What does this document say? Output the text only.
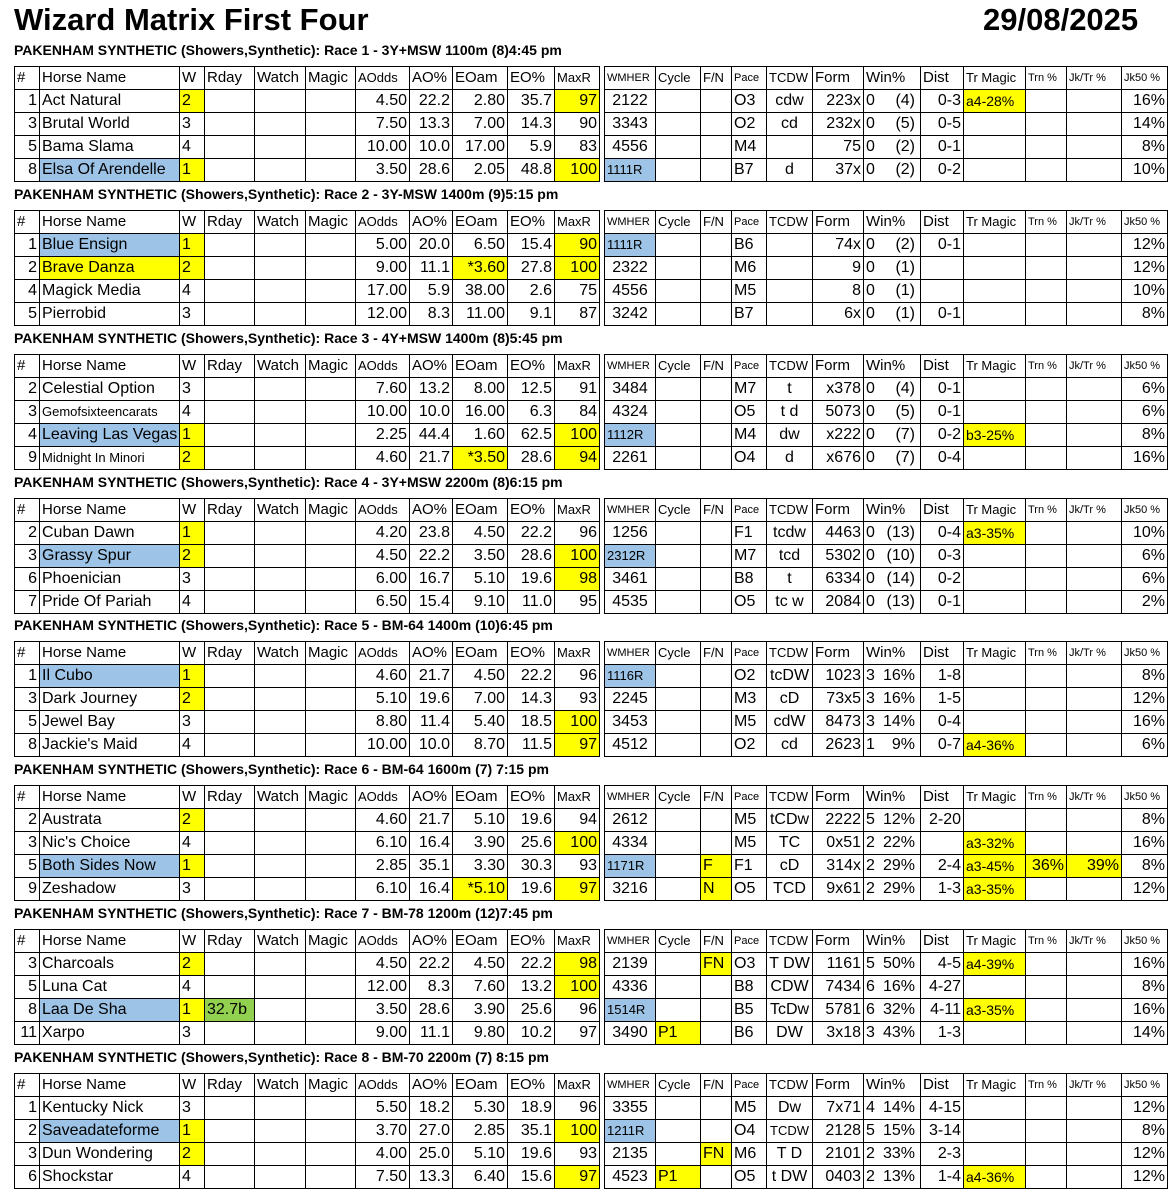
Wizard Matrix First Four	29/08/2025
PAKENHAM SYNTHETIC (Showers,Synthetic): Race 1 - 3Y+MSW 1100m (8)4:45 pm
#	Horse Name	W	Rday	Watch	Magic	AOdds	AO%	EOam	EO%	MaxR
1	Act Natural	2				4.50	22.2	2.80	35.7	97
3	Brutal World	3				7.50	13.3	7.00	14.3	90
5	Bama Slama	4				10.00	10.0	17.00	5.9	83
8	Elsa Of Arendelle	1				3.50	28.6	2.05	48.8	100
WMHER	Cycle	F/N	Pace	TCDW	Form	Win%	Dist	Tr Magic	Trn %	Jk/Tr %	Jk50 %
2122			O3	cdw	223x	0 (4)	0-3	a4-28%			16%
3343			O2	cd	232x	0 (5)	0-5				14%
4556			M4		75	0 (2)	0-1				8%
1111R			B7	d	37x	0 (2)	0-2				10%
PAKENHAM SYNTHETIC (Showers,Synthetic): Race 2 - 3Y-MSW 1400m (9)5:15 pm
#	Horse Name	W	Rday	Watch	Magic	AOdds	AO%	EOam	EO%	MaxR
1	Blue Ensign	1				5.00	20.0	6.50	15.4	90
2	Brave Danza	2				9.00	11.1	*3.60	27.8	100
4	Magick Media	4				17.00	5.9	38.00	2.6	75
5	Pierrobid	3				12.00	8.3	11.00	9.1	87
WMHER	Cycle	F/N	Pace	TCDW	Form	Win%	Dist	Tr Magic	Trn %	Jk/Tr %	Jk50 %
1111R			B6		74x	0 (2)	0-1				12%
2322			M6		9	0 (1)					12%
4556			M5		8	0 (1)					10%
3242			B7		6x	0 (1)	0-1				8%
PAKENHAM SYNTHETIC (Showers,Synthetic): Race 3 - 4Y+MSW 1400m (8)5:45 pm
#	Horse Name	W	Rday	Watch	Magic	AOdds	AO%	EOam	EO%	MaxR
2	Celestial Option	3				7.60	13.2	8.00	12.5	91
3	Gemofsixteencarats	4				10.00	10.0	16.00	6.3	84
4	Leaving Las Vegas	1				2.25	44.4	1.60	62.5	100
9	Midnight In Minori	2				4.60	21.7	*3.50	28.6	94
WMHER	Cycle	F/N	Pace	TCDW	Form	Win%	Dist	Tr Magic	Trn %	Jk/Tr %	Jk50 %
3484			M7	t	x378	0 (4)	0-1				6%
4324			O5	t d	5073	0 (5)	0-1				6%
1112R			M4	dw	x222	0 (7)	0-2	b3-25%			8%
2261			O4	d	x676	0 (7)	0-4				16%
PAKENHAM SYNTHETIC (Showers,Synthetic): Race 4 - 3Y+MSW 2200m (8)6:15 pm
#	Horse Name	W	Rday	Watch	Magic	AOdds	AO%	EOam	EO%	MaxR
2	Cuban Dawn	1				4.20	23.8	4.50	22.2	96
3	Grassy Spur	2				4.50	22.2	3.50	28.6	100
6	Phoenician	3				6.00	16.7	5.10	19.6	98
7	Pride Of Pariah	4				6.50	15.4	9.10	11.0	95
WMHER	Cycle	F/N	Pace	TCDW	Form	Win%	Dist	Tr Magic	Trn %	Jk/Tr %	Jk50 %
1256			F1	tcdw	4463	0 (13)	0-4	a3-35%			10%
2312R			M7	tcd	5302	0 (10)	0-3				6%
3461			B8	t	6334	0 (14)	0-2				6%
4535			O5	tc w	2084	0 (13)	0-1				2%
PAKENHAM SYNTHETIC (Showers,Synthetic): Race 5 - BM-64 1400m (10)6:45 pm
#	Horse Name	W	Rday	Watch	Magic	AOdds	AO%	EOam	EO%	MaxR
1	Il Cubo	1				4.60	21.7	4.50	22.2	96
3	Dark Journey	2				5.10	19.6	7.00	14.3	93
5	Jewel Bay	3				8.80	11.4	5.40	18.5	100
8	Jackie's Maid	4				10.00	10.0	8.70	11.5	97
WMHER	Cycle	F/N	Pace	TCDW	Form	Win%	Dist	Tr Magic	Trn %	Jk/Tr %	Jk50 %
1116R			O2	tcDW	1023	3 16%	1-8				8%
2245			M3	cD	73x5	3 16%	1-5				12%
3453			M5	cdW	8473	3 14%	0-4				16%
4512			O2	cd	2623	1 9%	0-7	a4-36%			6%
PAKENHAM SYNTHETIC (Showers,Synthetic): Race 6 - BM-64 1600m (7) 7:15 pm
#	Horse Name	W	Rday	Watch	Magic	AOdds	AO%	EOam	EO%	MaxR
2	Austrata	2				4.60	21.7	5.10	19.6	94
3	Nic's Choice	4				6.10	16.4	3.90	25.6	100
5	Both Sides Now	1				2.85	35.1	3.30	30.3	93
9	Zeshadow	3				6.10	16.4	*5.10	19.6	97
WMHER	Cycle	F/N	Pace	TCDW	Form	Win%	Dist	Tr Magic	Trn %	Jk/Tr %	Jk50 %
2612			M5	tCDw	2222	5 12%	2-20				8%
4334			M5	TC	0x51	2 22%		a3-32%			16%
1171R		F	F1	cD	314x	2 29%	2-4	a3-45%	36%	39%	8%
3216		N	O5	TCD	9x61	2 29%	1-3	a3-35%			12%
PAKENHAM SYNTHETIC (Showers,Synthetic): Race 7 - BM-78 1200m (12)7:45 pm
#	Horse Name	W	Rday	Watch	Magic	AOdds	AO%	EOam	EO%	MaxR
3	Charcoals	2				4.50	22.2	4.50	22.2	98
5	Luna Cat	4				12.00	8.3	7.60	13.2	100
8	Laa De Sha	1	32.7b			3.50	28.6	3.90	25.6	96
11	Xarpo	3				9.00	11.1	9.80	10.2	97
WMHER	Cycle	F/N	Pace	TCDW	Form	Win%	Dist	Tr Magic	Trn %	Jk/Tr %	Jk50 %
2139		FN	O3	T DW	1161	5 50%	4-5	a4-39%			16%
4336			B8	CDW	7434	6 16%	4-27				8%
1514R			B5	TcDw	5781	6 32%	4-11	a3-35%			16%
3490	P1		B6	DW	3x18	3 43%	1-3				14%
PAKENHAM SYNTHETIC (Showers,Synthetic): Race 8 - BM-70 2200m (7) 8:15 pm
#	Horse Name	W	Rday	Watch	Magic	AOdds	AO%	EOam	EO%	MaxR
1	Kentucky Nick	3				5.50	18.2	5.30	18.9	96
2	Saveadateforme	1				3.70	27.0	2.85	35.1	100
3	Dun Wondering	2				4.00	25.0	5.10	19.6	93
6	Shockstar	4				7.50	13.3	6.40	15.6	97
WMHER	Cycle	F/N	Pace	TCDW	Form	Win%	Dist	Tr Magic	Trn %	Jk/Tr %	Jk50 %
3355			M5	Dw	7x71	4 14%	4-15				12%
1211R			O4	TCDW	2128	5 15%	3-14				8%
2135		FN	M6	T D	2101	2 33%	2-3				12%
4523	P1		O5	t DW	0403	2 13%	1-4	a4-36%			12%
